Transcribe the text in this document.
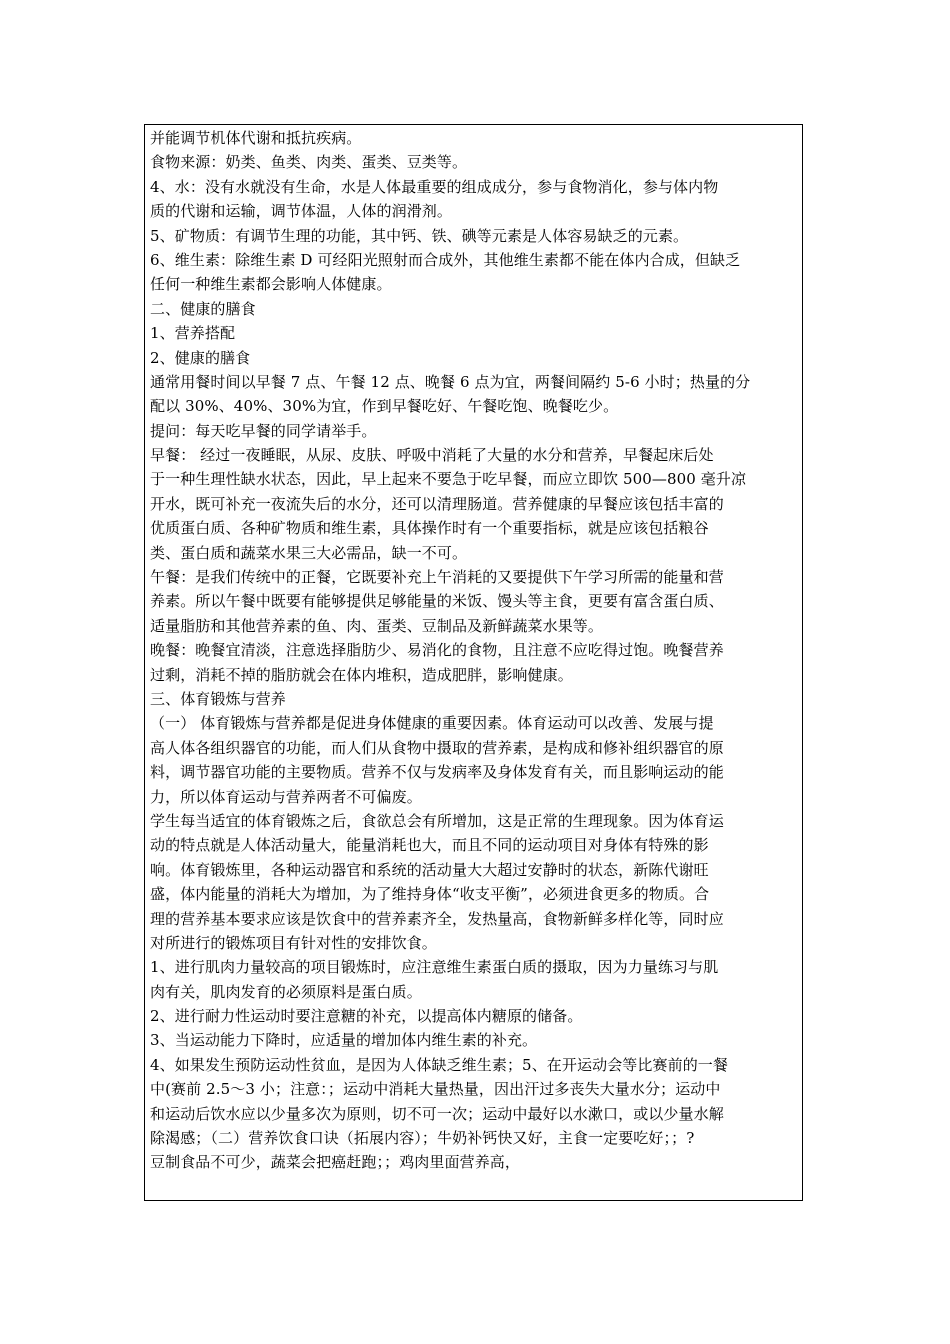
并能调节机体代谢和抵抗疾病。
食物来源：奶类、鱼类、肉类、蛋类、豆类等。
4、水：没有水就没有生命，水是人体最重要的组成成分，参与食物消化，参与体内物
质的代谢和运输，调节体温，人体的润滑剂。
5、矿物质：有调节生理的功能，其中钙、铁、碘等元素是人体容易缺乏的元素。
6、维生素：除维生素 D 可经阳光照射而合成外，其他维生素都不能在体内合成，但缺乏
任何一种维生素都会影响人体健康。
二、健康的膳食
1、营养搭配
2、健康的膳食
通常用餐时间以早餐 7 点、午餐 12 点、晚餐 6 点为宜，两餐间隔约 5-6 小时；热量的分
配以 30%、40%、30%为宜，作到早餐吃好、午餐吃饱、晚餐吃少。
提问：每天吃早餐的同学请举手。
早餐： 经过一夜睡眠，从尿、皮肤、呼吸中消耗了大量的水分和营养，早餐起床后处
于一种生理性缺水状态，因此，早上起来不要急于吃早餐，而应立即饮 500—800 毫升凉
开水，既可补充一夜流失后的水分，还可以清理肠道。营养健康的早餐应该包括丰富的
优质蛋白质、各种矿物质和维生素，具体操作时有一个重要指标，就是应该包括粮谷
类、蛋白质和蔬菜水果三大必需品，缺一不可。
午餐：是我们传统中的正餐，它既要补充上午消耗的又要提供下午学习所需的能量和营
养素。所以午餐中既要有能够提供足够能量的米饭、馒头等主食，更要有富含蛋白质、
适量脂肪和其他营养素的鱼、肉、蛋类、豆制品及新鲜蔬菜水果等。
晚餐：晚餐宜清淡，注意选择脂肪少、易消化的食物，且注意不应吃得过饱。晚餐营养
过剩，消耗不掉的脂肪就会在体内堆积，造成肥胖，影响健康。
三、体育锻炼与营养
（一） 体育锻炼与营养都是促进身体健康的重要因素。体育运动可以改善、发展与提
高人体各组织器官的功能，而人们从食物中摄取的营养素，是构成和修补组织器官的原
料，调节器官功能的主要物质。营养不仅与发病率及身体发育有关，而且影响运动的能
力，所以体育运动与营养两者不可偏废。
学生每当适宜的体育锻炼之后，食欲总会有所增加，这是正常的生理现象。因为体育运
动的特点就是人体活动量大，能量消耗也大，而且不同的运动项目对身体有特殊的影
响。体育锻炼里，各种运动器官和系统的活动量大大超过安静时的状态，新陈代谢旺
盛，体内能量的消耗大为增加，为了维持身体“收支平衡”，必须进食更多的物质。合
理的营养基本要求应该是饮食中的营养素齐全，发热量高，食物新鲜多样化等，同时应
对所进行的锻炼项目有针对性的安排饮食。
1、进行肌肉力量较高的项目锻炼时，应注意维生素蛋白质的摄取，因为力量练习与肌
肉有关，肌肉发育的必须原料是蛋白质。
2、进行耐力性运动时要注意糖的补充，以提高体内糖原的储备。
3、当运动能力下降时，应适量的增加体内维生素的补充。
4、如果发生预防运动性贫血，是因为人体缺乏维生素；5、在开运动会等比赛前的一餐
中(赛前 2.5～3 小；注意：；运动中消耗大量热量，因出汗过多丧失大量水分；运动中
和运动后饮水应以少量多次为原则，切不可一次；运动中最好以水漱口，或以少量水解
除渴感；（二）营养饮食口诀（拓展内容）；牛奶补钙快又好，主食一定要吃好；；?
豆制食品不可少，蔬菜会把癌赶跑；；鸡肉里面营养高，
